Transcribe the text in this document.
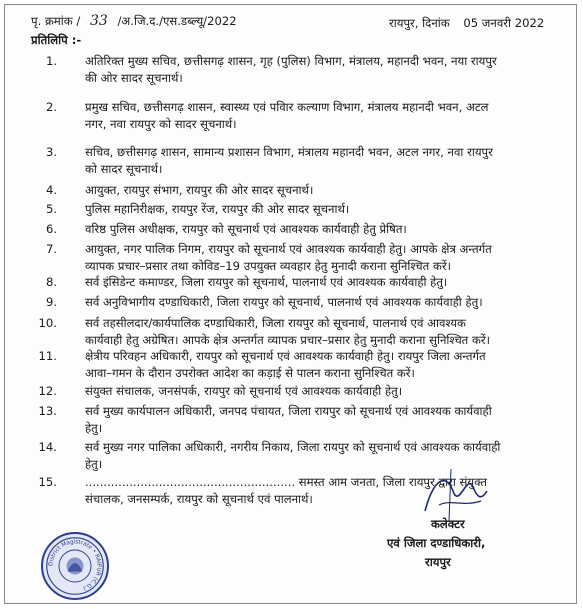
पृ. क्रमांक / 33 /अ.जि.द./एस.डब्ल्यू/2022	रायपुर, दिनांक 05 जनवरी 2022
प्रतिलिपि :-
1. अतिरिक्त मुख्य सचिव, छत्तीसगढ़ शासन, गृह (पुलिस) विभाग, मंत्रालय, महानदी भवन, नया रायपुर
की ओर सादर सूचनार्थ।
2. प्रमुख सचिव, छत्तीसगढ़ शासन, स्वास्थ्य एवं पविार कल्याण विभाग, मंत्रालय महानदी भवन, अटल
नगर, नवा रायपुर को सादर सूचनार्थ।
3. सचिव, छत्तीसगढ़ शासन, सामान्य प्रशासन विभाग, मंत्रालय महानदी भवन, अटल नगर, नवा रायपुर
को सादर सूचनार्थ।
4. आयुक्त, रायपुर संभाग, रायपुर की ओर सादर सूचनार्थ।
5. पुलिस महानिरीक्षक, रायपुर रेंज, रायपुर की ओर सादर सूचनार्थ।
6. वरिष्ठ पुलिस अधीक्षक, रायपुर को सूचनार्थ एवं आवश्यक कार्यवाही हेतु प्रेषित।
7. आयुक्त, नगर पालिक निगम, रायपुर को सूचनार्थ एवं आवश्यक कार्यवाही हेतु। आपके क्षेत्र अन्तर्गत
व्यापक प्रचार–प्रसार तथा कोविड–19 उपयुक्त व्यवहार हेतु मुनादी कराना सुनिश्चित करें।
8. सर्व इंसिडेन्ट कमाण्डर, जिला रायपुर को सूचनार्थ, पालनार्थ एवं आवश्यक कार्यवाही हेतु।
9. सर्व अनुविभागीय दण्डाधिकारी, जिला रायपुर को सूचनार्थ, पालनार्थ एवं आवश्यक कार्यवाही हेतु।
10. सर्व तहसीलदार/कार्यपालिक दण्डाधिकारी, जिला रायपुर को सूचनार्थ, पालनार्थ एवं आवश्यक
कार्यवाही हेतु अग्रेषित। आपके क्षेत्र अन्तर्गत व्यापक प्रचार–प्रसार हेतु मुनादी कराना सुनिश्चित करें।
11. क्षेत्रीय परिवहन अधिकारी, रायपुर को सूचनार्थ एवं आवश्यक कार्यवाही हेतु। रायपुर जिला अन्तर्गत
आवा–गमन के दौरान उपरोक्त आदेश का कड़ाई से पालन कराना सुनिश्चित करें।
12. संयुक्त संचालक, जनसंपर्क, रायपुर को सूचनार्थ एवं आवश्यक कार्यवाही हेतु।
13. सर्व मुख्य कार्यपालन अधिकारी, जनपद पंचायत, जिला रायपुर को सूचनार्थ एवं आवश्यक कार्यवाही
हेतु।
14. सर्व मुख्य नगर पालिका अधिकारी, नगरीय निकाय, जिला रायपुर को सूचनार्थ एवं आवश्यक कार्यवाही
हेतु।
15. ......................................................... समस्त आम जनता, जिला रायपुर द्वारा संयुक्त
संचालक, जनसम्पर्क, रायपुर को सूचनार्थ एवं पालनार्थ।
District Magistrate • RAIPUR (C.G.)
कलेक्टर
एवं जिला दण्डाधिकारी,
रायपुर
